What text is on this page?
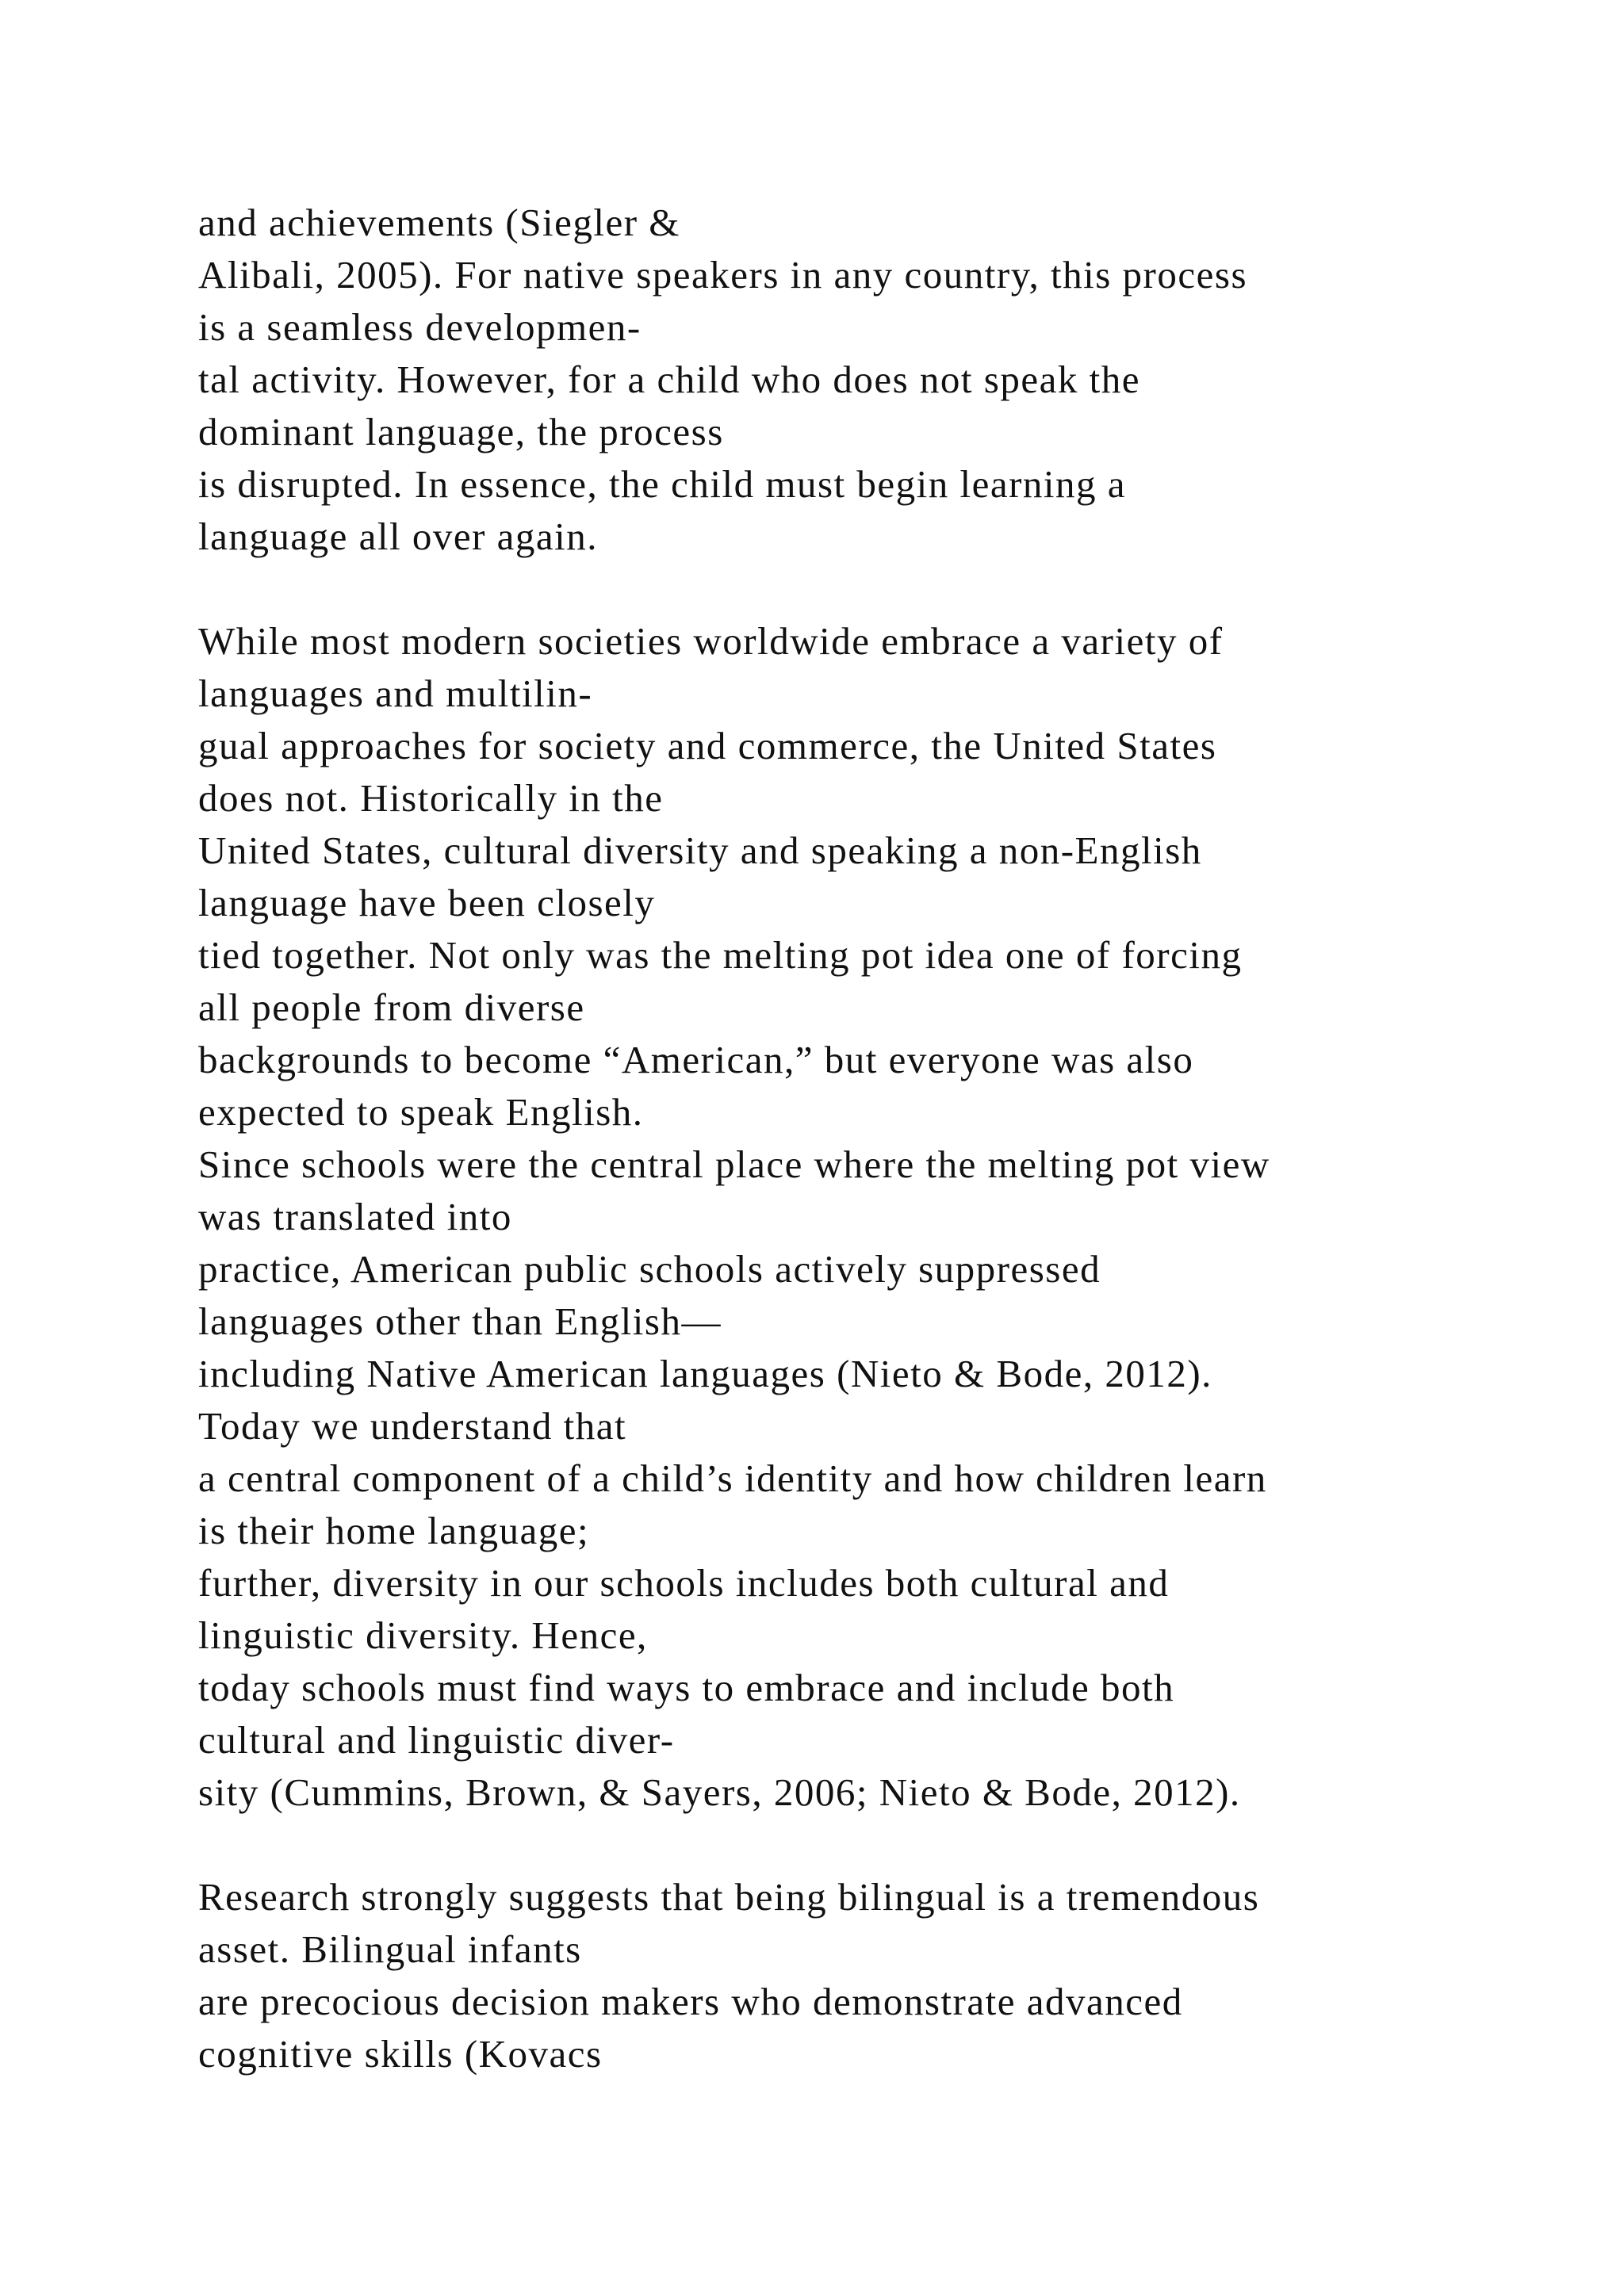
and achievements (Siegler &
Alibali, 2005). For native speakers in any country, this process
is a seamless developmen-
tal activity. However, for a child who does not speak the
dominant language, the process
is disrupted. In essence, the child must begin learning a
language all over again.
While most modern societies worldwide embrace a variety of
languages and multilin-
gual approaches for society and commerce, the United States
does not. Historically in the
United States, cultural diversity and speaking a non-English
language have been closely
tied together. Not only was the melting pot idea one of forcing
all people from diverse
backgrounds to become “American,” but everyone was also
expected to speak English.
Since schools were the central place where the melting pot view
was translated into
practice, American public schools actively suppressed
languages other than English—
including Native American languages (Nieto & Bode, 2012).
Today we understand that
a central component of a child’s identity and how children learn
is their home language;
further, diversity in our schools includes both cultural and
linguistic diversity. Hence,
today schools must find ways to embrace and include both
cultural and linguistic diver-
sity (Cummins, Brown, & Sayers, 2006; Nieto & Bode, 2012).
Research strongly suggests that being bilingual is a tremendous
asset. Bilingual infants
are precocious decision makers who demonstrate advanced
cognitive skills (Kovacs
